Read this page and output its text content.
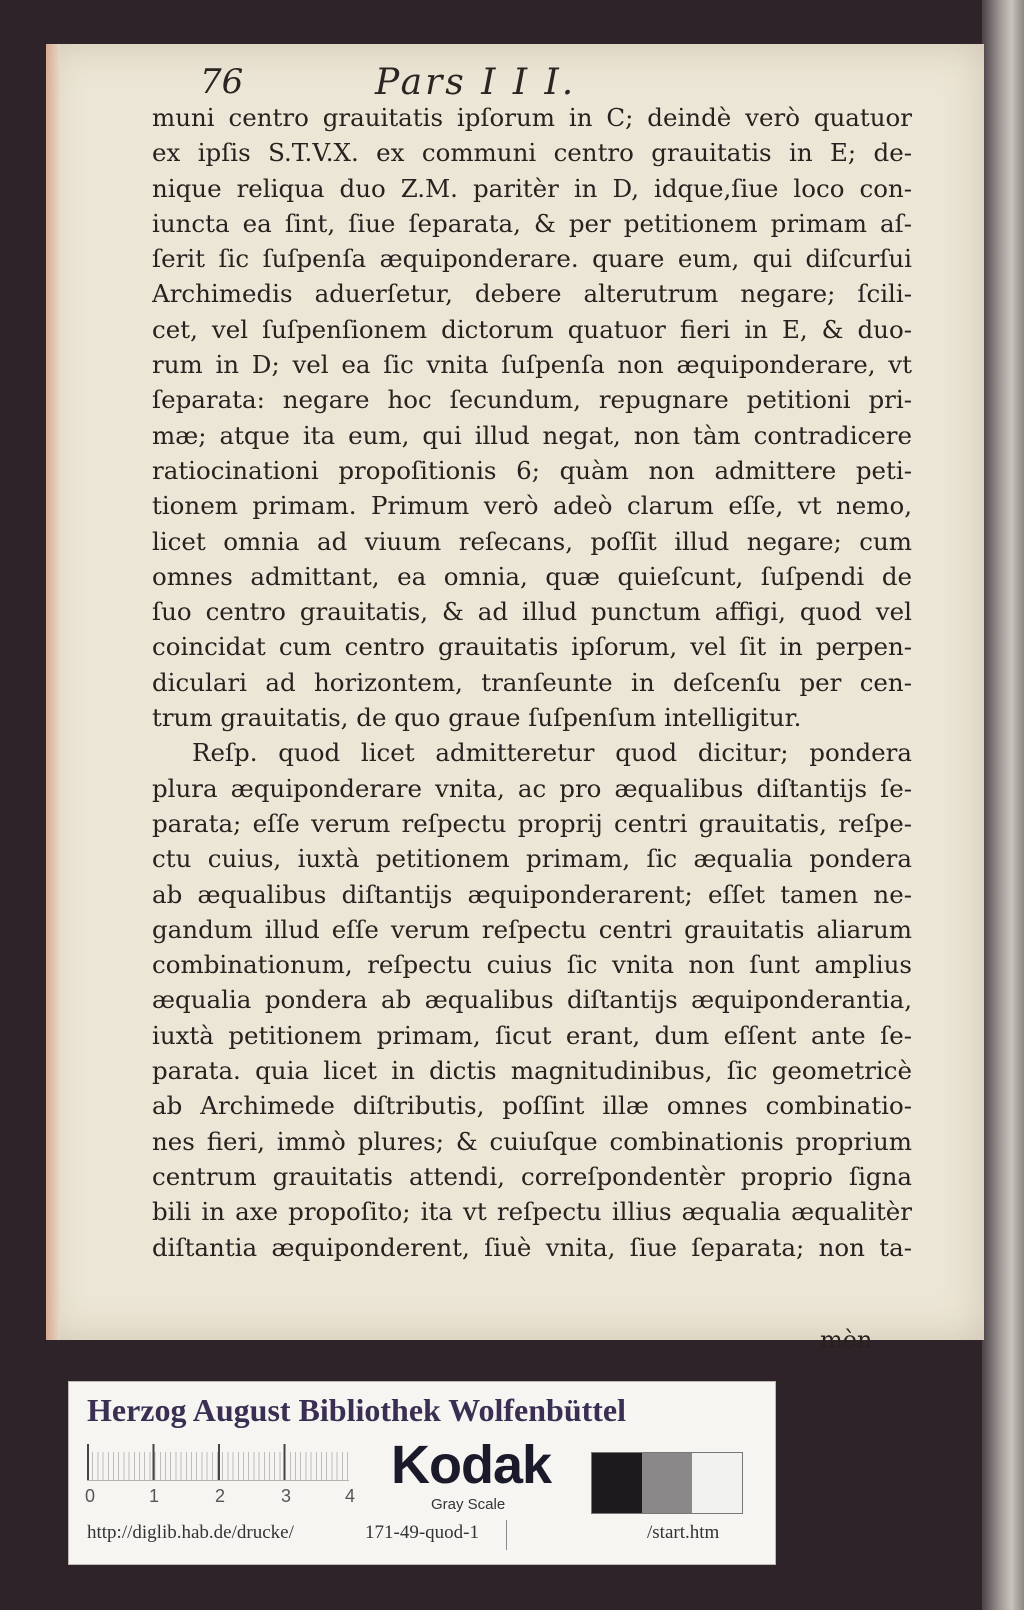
76	Pars I I I.
muni centro grauitatis ipſorum in C; deindè verò quatuor
ex ipſis S.T.V.X. ex communi centro grauitatis in E; de-
nique reliqua duo Z.M. paritèr in D, idque,ſiue loco con-
iuncta ea ſint, ſiue ſeparata, & per petitionem primam aſ-
ſerit ſic ſuſpenſa æquiponderare. quare eum, qui diſcurſui
Archimedis aduerſetur, debere alterutrum negare; ſcili-
cet, vel ſuſpenſionem dictorum quatuor fieri in E, & duo-
rum in D; vel ea ſic vnita ſuſpenſa non æquiponderare, vt
ſeparata: negare hoc ſecundum, repugnare petitioni pri-
mæ; atque ita eum, qui illud negat, non tàm contradicere
ratiocinationi propoſitionis 6; quàm non admittere peti-
tionem primam. Primum verò adeò clarum eſſe, vt nemo,
licet omnia ad viuum reſecans, poſſit illud negare; cum
omnes admittant, ea omnia, quæ quieſcunt, ſuſpendi de
ſuo centro grauitatis, & ad illud punctum affigi, quod vel
coincidat cum centro grauitatis ipſorum, vel ſit in perpen-
diculari ad horizontem, tranſeunte in deſcenſu per cen-
trum grauitatis, de quo graue ſuſpenſum intelligitur.
Reſp. quod licet admitteretur quod dicitur; pondera
plura æquiponderare vnita, ac pro æqualibus diſtantijs ſe-
parata; eſſe verum reſpectu proprij centri grauitatis, reſpe-
ctu cuius, iuxtà petitionem primam, ſic æqualia pondera
ab æqualibus diſtantijs æquiponderarent; eſſet tamen ne-
gandum illud eſſe verum reſpectu centri grauitatis aliarum
combinationum, reſpectu cuius ſic vnita non ſunt amplius
æqualia pondera ab æqualibus diſtantijs æquiponderantia,
iuxtà petitionem primam, ſicut erant, dum eſſent ante ſe-
parata. quia licet in dictis magnitudinibus, ſic geometricè
ab Archimede diſtributis, poſſint illæ omnes combinatio-
nes fieri, immò plures; & cuiuſque combinationis proprium
centrum grauitatis attendi, correſpondentèr proprio ſigna
bili in axe propoſito; ita vt reſpectu illius æqualia æqualitèr
diſtantia æquiponderent, ſiuè vnita, ſiue ſeparata; non ta-
mèn
Herzog August Bibliothek Wolfenbüttel
0	1	2	3	4
Kodak
Gray Scale
http://diglib.hab.de/drucke/	171-49-quod-1	/start.htm
